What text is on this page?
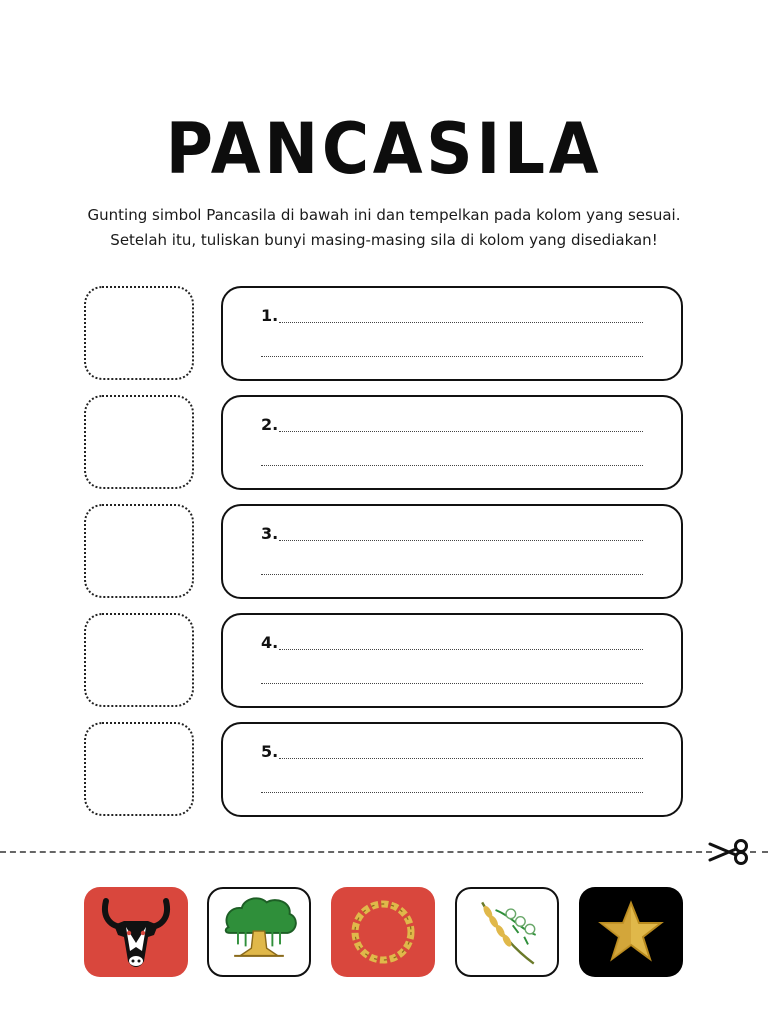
PANCASILA
Gunting simbol Pancasila di bawah ini dan tempelkan pada kolom yang sesuai.
Setelah itu, tuliskan bunyi masing-masing sila di kolom yang disediakan!
1.
2.
3.
4.
5.
